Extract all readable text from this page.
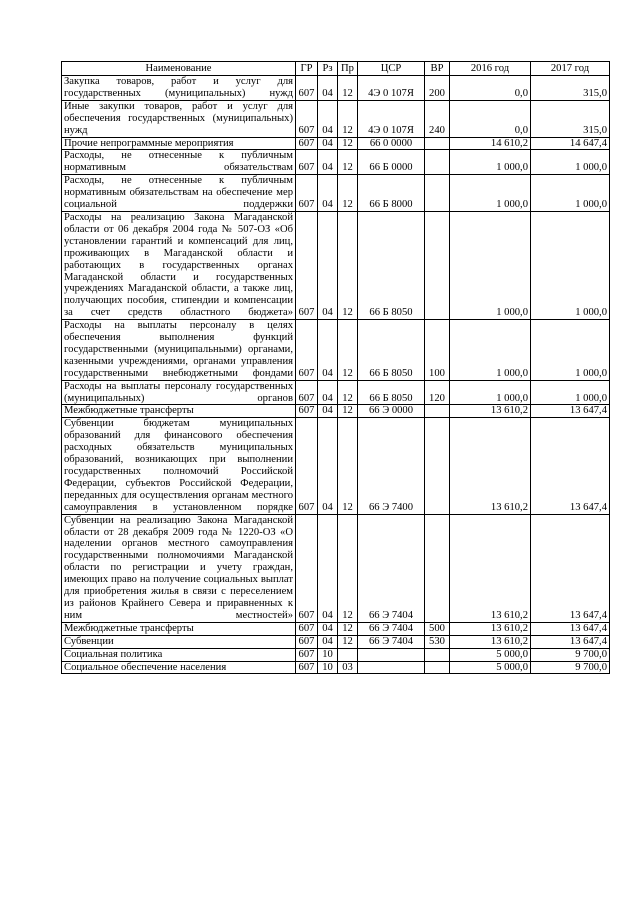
Наименование	ГР	Рз	Пр	ЦСР	ВР	2016 год	2017 год
Закупка товаров, работ и услуг для государственных (муниципальных) нужд	607	04	12	4Э 0 107Я	200	0,0	315,0
Иные закупки товаров, работ и услуг для обеспечения государственных (муниципальных) нужд	607	04	12	4Э 0 107Я	240	0,0	315,0
Прочие непрограммные мероприятия	607	04	12	66 0 0000		14 610,2	14 647,4
Расходы, не отнесенные к публичным нормативным обязательствам	607	04	12	66 Б 0000		1 000,0	1 000,0
Расходы, не отнесенные к публичным нормативным обязательствам на обеспечение мер социальной поддержки	607	04	12	66 Б 8000		1 000,0	1 000,0
Расходы на реализацию Закона Магаданской области от 06 декабря 2004 года № 507-ОЗ «Об установлении гарантий и компенсаций для лиц, проживающих в Магаданской области и работающих в государственных органах Магаданской области и государственных учреждениях Магаданской области, а также лиц, получающих пособия, стипендии и компенсации за счет средств областного бюджета»	607	04	12	66 Б 8050		1 000,0	1 000,0
Расходы на выплаты персоналу в целях обеспечения выполнения функций государственными (муниципальными) органами, казенными учреждениями, органами управления государственными внебюджетными фондами	607	04	12	66 Б 8050	100	1 000,0	1 000,0
Расходы на выплаты персоналу государственных (муниципальных) органов	607	04	12	66 Б 8050	120	1 000,0	1 000,0
Межбюджетные трансферты	607	04	12	66 Э 0000		13 610,2	13 647,4
Субвенции бюджетам муниципальных образований для финансового обеспечения расходных обязательств муниципальных образований, возникающих при выполнении государственных полномочий Российской Федерации, субъектов Российской Федерации, переданных для осуществления органам местного самоуправления в установленном порядке	607	04	12	66 Э 7400		13 610,2	13 647,4
Субвенции на реализацию Закона Магаданской области от 28 декабря 2009 года № 1220-ОЗ «О наделении органов местного самоуправления государственными полномочиями Магаданской области по регистрации и учету граждан, имеющих право на получение социальных выплат для приобретения жилья в связи с переселением из районов Крайнего Севера и приравненных к ним местностей»	607	04	12	66 Э 7404		13 610,2	13 647,4
Межбюджетные трансферты	607	04	12	66 Э 7404	500	13 610,2	13 647,4
Субвенции	607	04	12	66 Э 7404	530	13 610,2	13 647,4
Социальная политика	607	10				5 000,0	9 700,0
Социальное обеспечение населения	607	10	03			5 000,0	9 700,0
